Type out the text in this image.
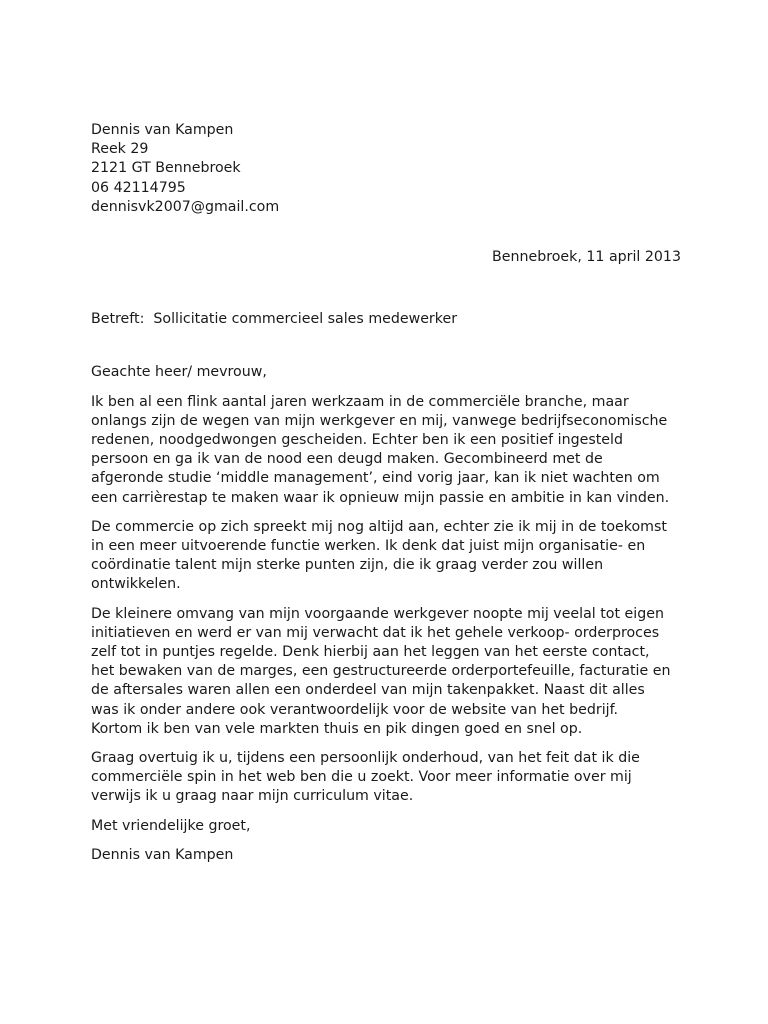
Dennis van Kampen
Reek 29
2121 GT Bennebroek
06 42114795
dennisvk2007@gmail.com
Bennebroek, 11 april 2013
Betreft:  Sollicitatie commercieel sales medewerker
Geachte heer/ mevrouw,
Ik ben al een flink aantal jaren werkzaam in de commerciële branche, maar
onlangs zijn de wegen van mijn werkgever en mij, vanwege bedrijfseconomische
redenen, noodgedwongen gescheiden. Echter ben ik een positief ingesteld
persoon en ga ik van de nood een deugd maken. Gecombineerd met de
afgeronde studie ‘middle management’, eind vorig jaar, kan ik niet wachten om
een carrièrestap te maken waar ik opnieuw mijn passie en ambitie in kan vinden.
De commercie op zich spreekt mij nog altijd aan, echter zie ik mij in de toekomst
in een meer uitvoerende functie werken. Ik denk dat juist mijn organisatie- en
coördinatie talent mijn sterke punten zijn, die ik graag verder zou willen
ontwikkelen.
De kleinere omvang van mijn voorgaande werkgever noopte mij veelal tot eigen
initiatieven en werd er van mij verwacht dat ik het gehele verkoop- orderproces
zelf tot in puntjes regelde. Denk hierbij aan het leggen van het eerste contact,
het bewaken van de marges, een gestructureerde orderportefeuille, facturatie en
de aftersales waren allen een onderdeel van mijn takenpakket. Naast dit alles
was ik onder andere ook verantwoordelijk voor de website van het bedrijf.
Kortom ik ben van vele markten thuis en pik dingen goed en snel op.
Graag overtuig ik u, tijdens een persoonlijk onderhoud, van het feit dat ik die
commerciële spin in het web ben die u zoekt. Voor meer informatie over mij
verwijs ik u graag naar mijn curriculum vitae.
Met vriendelijke groet,
Dennis van Kampen
